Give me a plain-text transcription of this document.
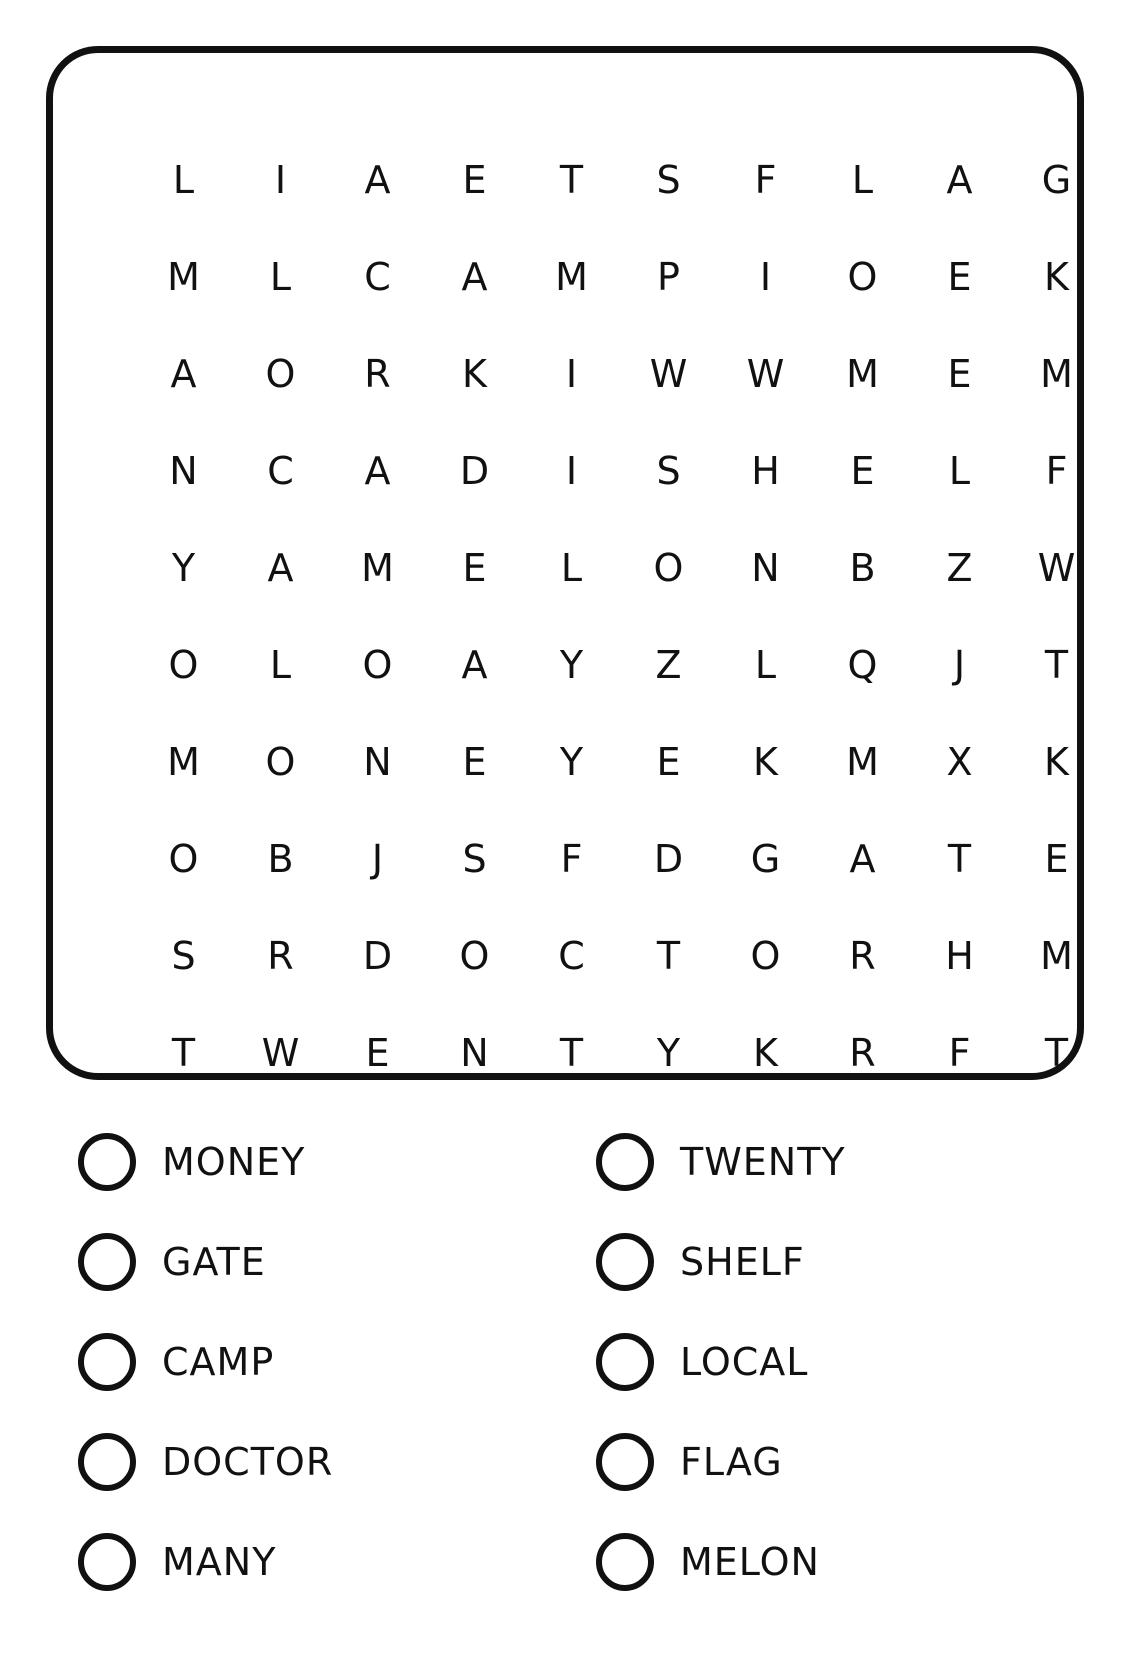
L	I	A	E	T	S	F	L	A	G
M	L	C	A	M	P	I	O	E	K
A	O	R	K	I	W	W	M	E	M
N	C	A	D	I	S	H	E	L	F
Y	A	M	E	L	O	N	B	Z	W
O	L	O	A	Y	Z	L	Q	J	T
M	O	N	E	Y	E	K	M	X	K
O	B	J	S	F	D	G	A	T	E
S	R	D	O	C	T	O	R	H	M
T	W	E	N	T	Y	K	R	F	T
MONEY	TWENTY
GATE	SHELF
CAMP	LOCAL
DOCTOR	FLAG
MANY	MELON
